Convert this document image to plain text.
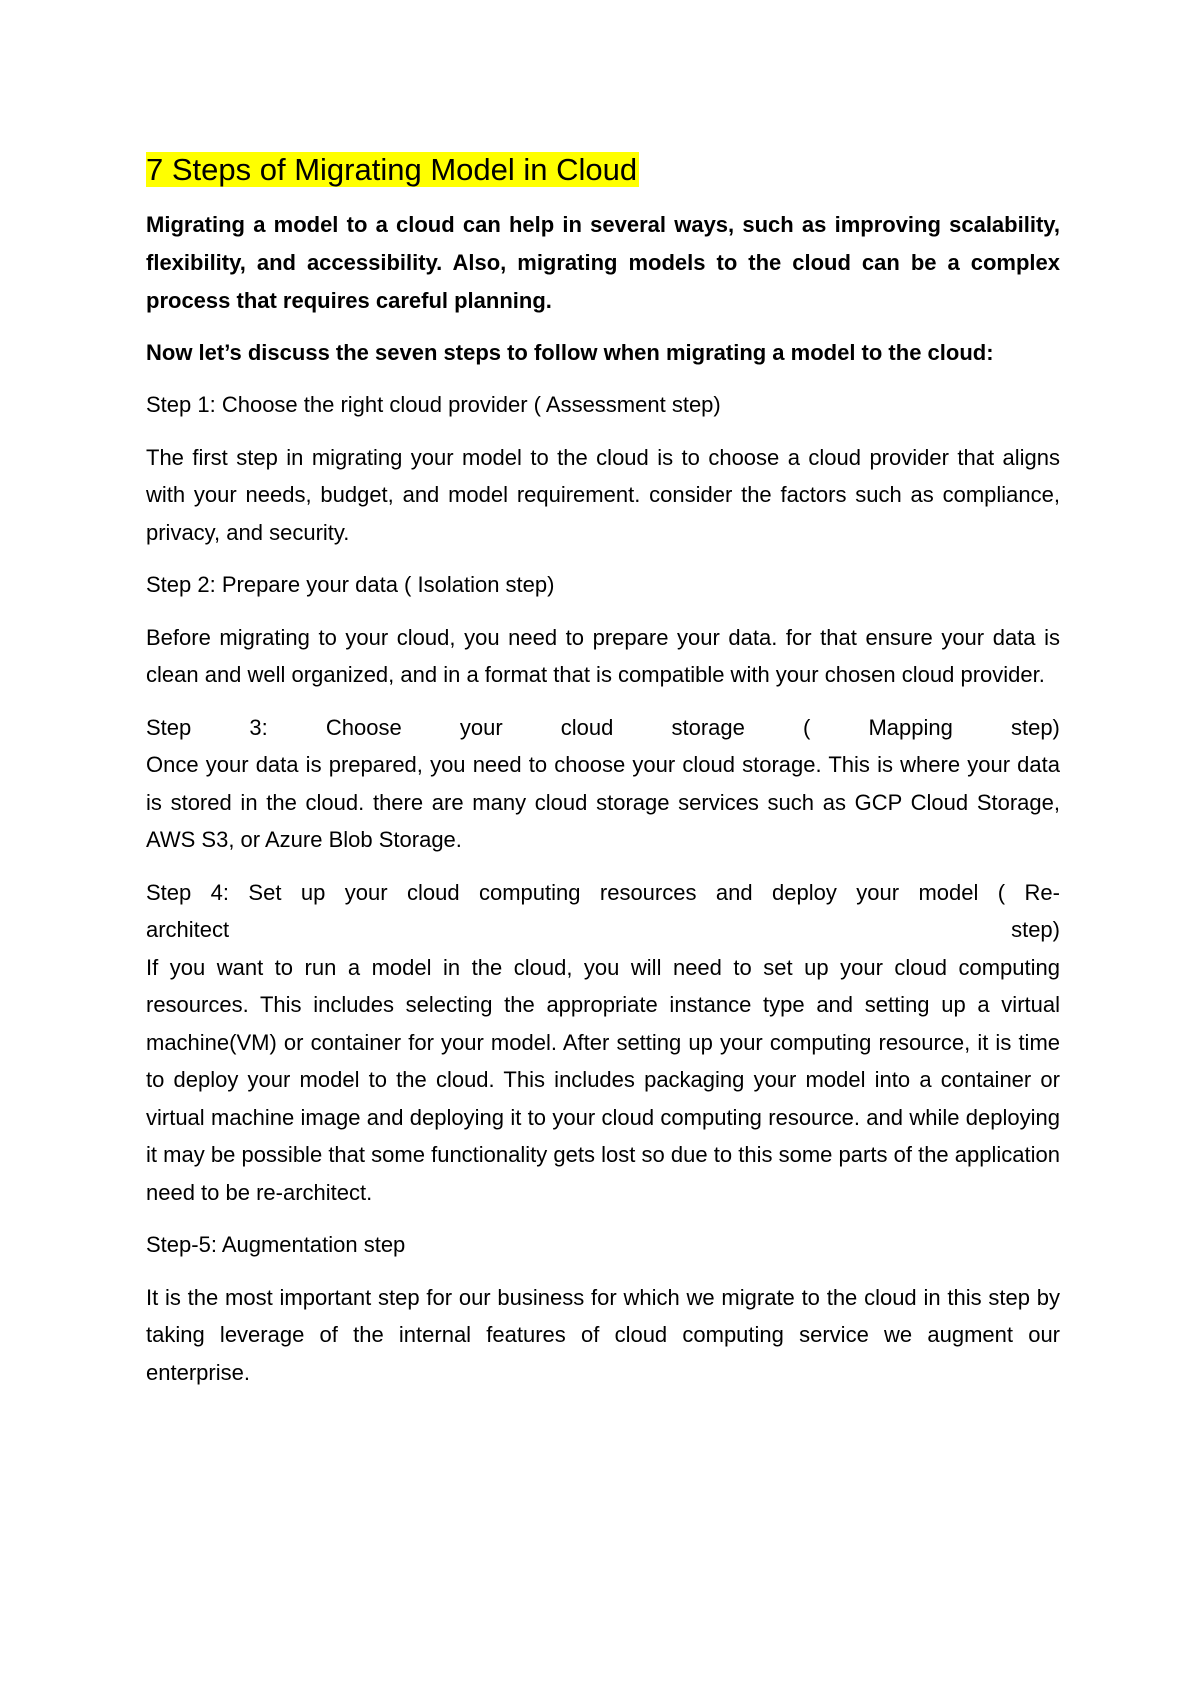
7 Steps of Migrating Model in Cloud
Migrating a model to a cloud can help in several ways, such as improving scalability, flexibility, and accessibility. Also, migrating models to the cloud can be a complex process that requires careful planning.
Now let’s discuss the seven steps to follow when migrating a model to the cloud:
Step 1: Choose the right cloud provider ( Assessment step)
The first step in migrating your model to the cloud is to choose a cloud provider that aligns with your needs, budget, and model requirement. consider the factors such as compliance, privacy, and security.
Step 2: Prepare your data ( Isolation step)
Before migrating to your cloud, you need to prepare your data. for that ensure your data is clean and well organized, and in a format that is compatible with your chosen cloud provider.
Step	3:	Choose	your	cloud	storage	(	Mapping	step)
Once your data is prepared, you need to choose your cloud storage. This is where your data is stored in the cloud. there are many cloud storage services such as GCP Cloud Storage, AWS S3, or Azure Blob Storage.
Step 4: Set up your cloud computing resources and deploy your model ( Re-
architect	step)
If you want to run a model in the cloud, you will need to set up your cloud computing resources. This includes selecting the appropriate instance type and setting up a virtual machine(VM) or container for your model. After setting up your computing resource, it is time to deploy your model to the cloud. This includes packaging your model into a container or virtual machine image and deploying it to your cloud computing resource. and while deploying it may be possible that some functionality gets lost so due to this some parts of the application need to be re-architect.
Step-5: Augmentation step
It is the most important step for our business for which we migrate to the cloud in this step by taking leverage of the internal features of cloud computing service we augment our enterprise.
